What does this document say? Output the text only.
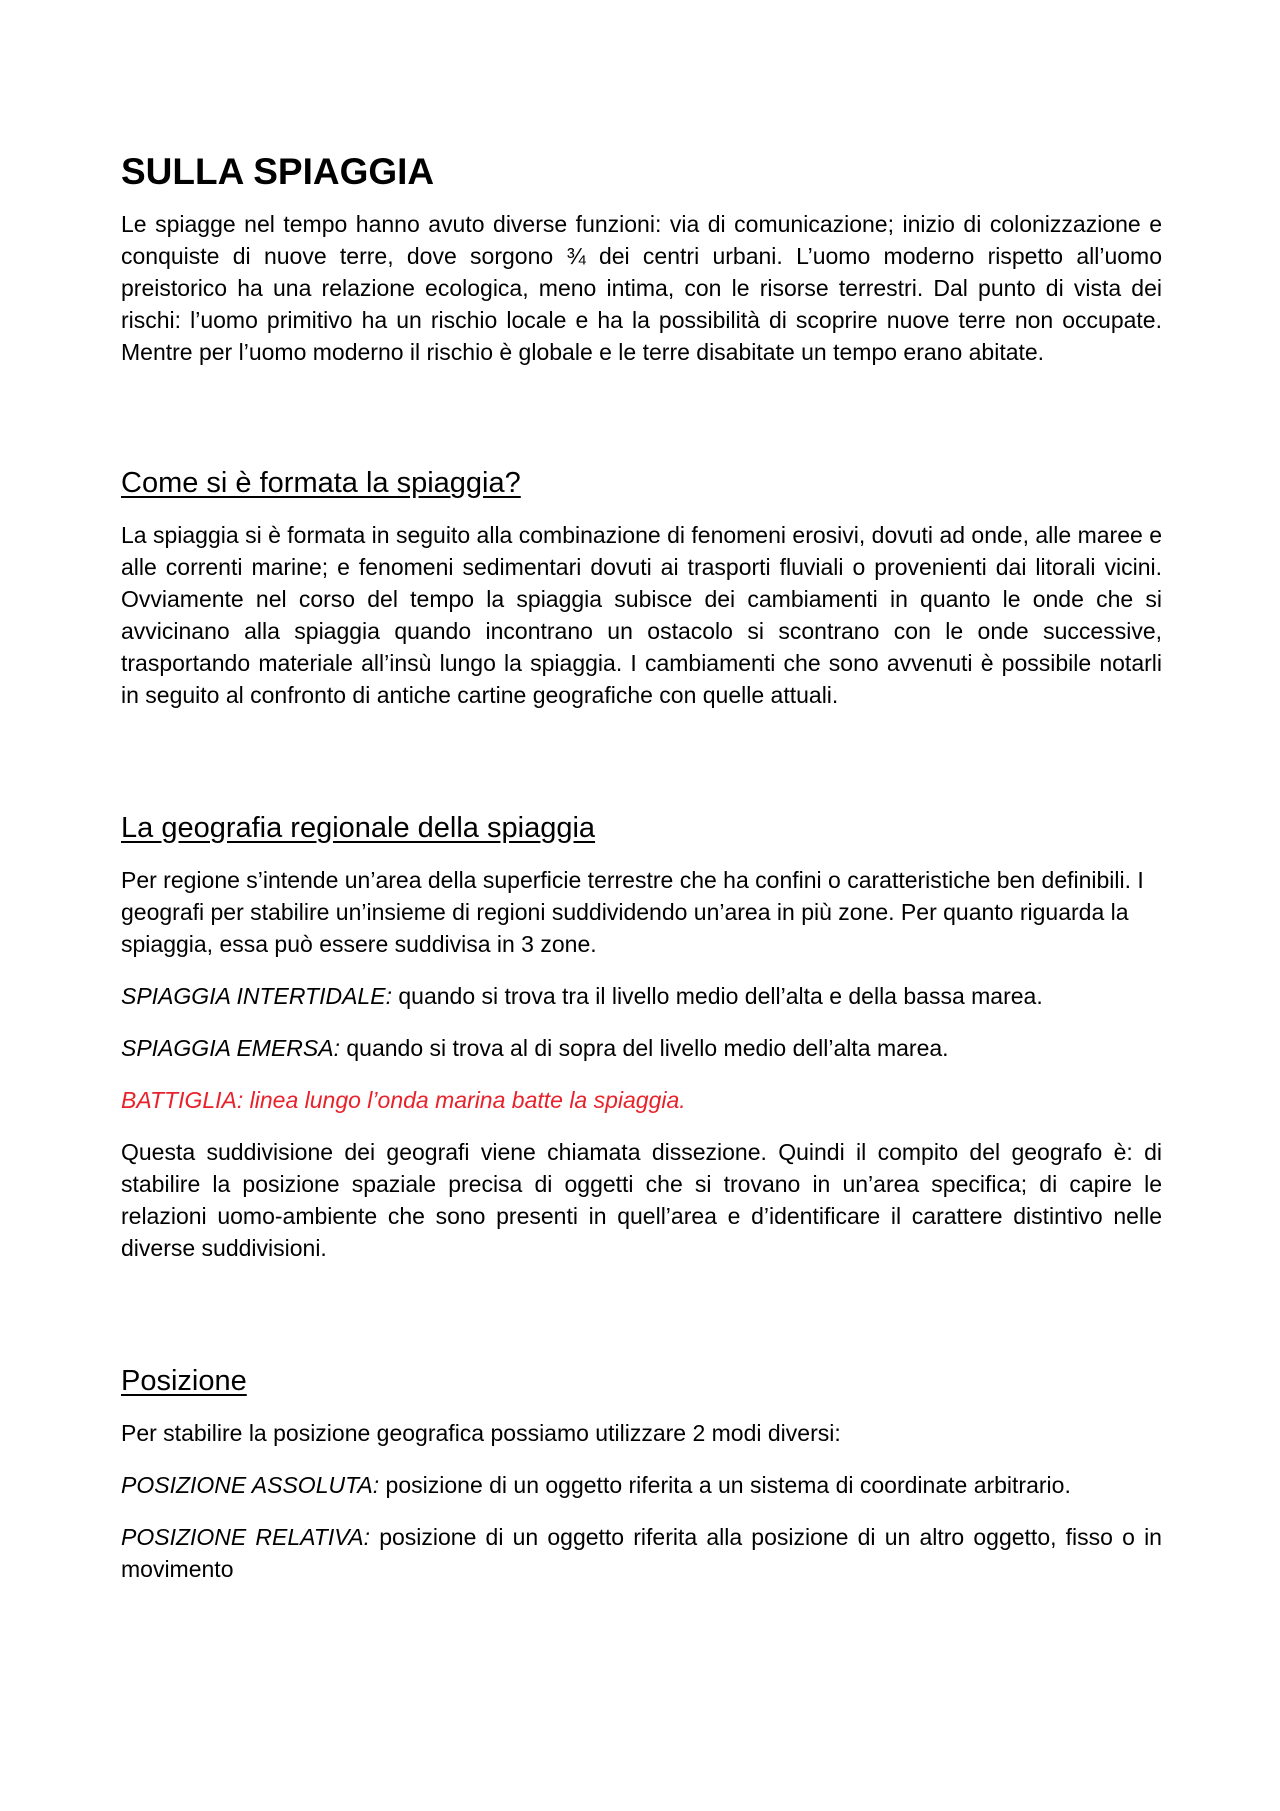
SULLA SPIAGGIA

Le spiagge nel tempo hanno avuto diverse funzioni: via di comunicazione; inizio di colonizzazione e conquiste di nuove terre, dove sorgono ¾ dei centri urbani. L’uomo moderno rispetto all’uomo preistorico ha una relazione ecologica, meno intima, con le risorse terrestri. Dal punto di vista dei rischi: l’uomo primitivo ha un rischio locale e ha la possibilità di scoprire nuove terre non occupate. Mentre per l’uomo moderno il rischio è globale e le terre disabitate un tempo erano abitate.

Come si è formata la spiaggia?

La spiaggia si è formata in seguito alla combinazione di fenomeni erosivi, dovuti ad onde, alle maree e alle correnti marine; e fenomeni sedimentari dovuti ai trasporti fluviali o provenienti dai litorali vicini. Ovviamente nel corso del tempo la spiaggia subisce dei cambiamenti in quanto le onde che si avvicinano alla spiaggia quando incontrano un ostacolo si scontrano con le onde successive, trasportando materiale all’insù lungo la spiaggia. I cambiamenti che sono avvenuti è possibile notarli in seguito al confronto di antiche cartine geografiche con quelle attuali.

La geografia regionale della spiaggia

Per regione s’intende un’area della superficie terrestre che ha confini o caratteristiche ben definibili. I geografi per stabilire un’insieme di regioni suddividendo un’area in più zone. Per quanto riguarda la spiaggia, essa può essere suddivisa in 3 zone.

SPIAGGIA INTERTIDALE: quando si trova tra il livello medio dell’alta e della bassa marea.

SPIAGGIA EMERSA: quando si trova al di sopra del livello medio dell’alta marea.

BATTIGLIA: linea lungo l’onda marina batte la spiaggia.

Questa suddivisione dei geografi viene chiamata dissezione. Quindi il compito del geografo è: di stabilire la posizione spaziale precisa di oggetti che si trovano in un’area specifica; di capire le relazioni uomo-ambiente che sono presenti in quell’area e d’identificare il carattere distintivo nelle diverse suddivisioni.

Posizione

Per stabilire la posizione geografica possiamo utilizzare 2 modi diversi:

POSIZIONE ASSOLUTA: posizione di un oggetto riferita a un sistema di coordinate arbitrario.

POSIZIONE RELATIVA: posizione di un oggetto riferita alla posizione di un altro oggetto, fisso o in movimento
